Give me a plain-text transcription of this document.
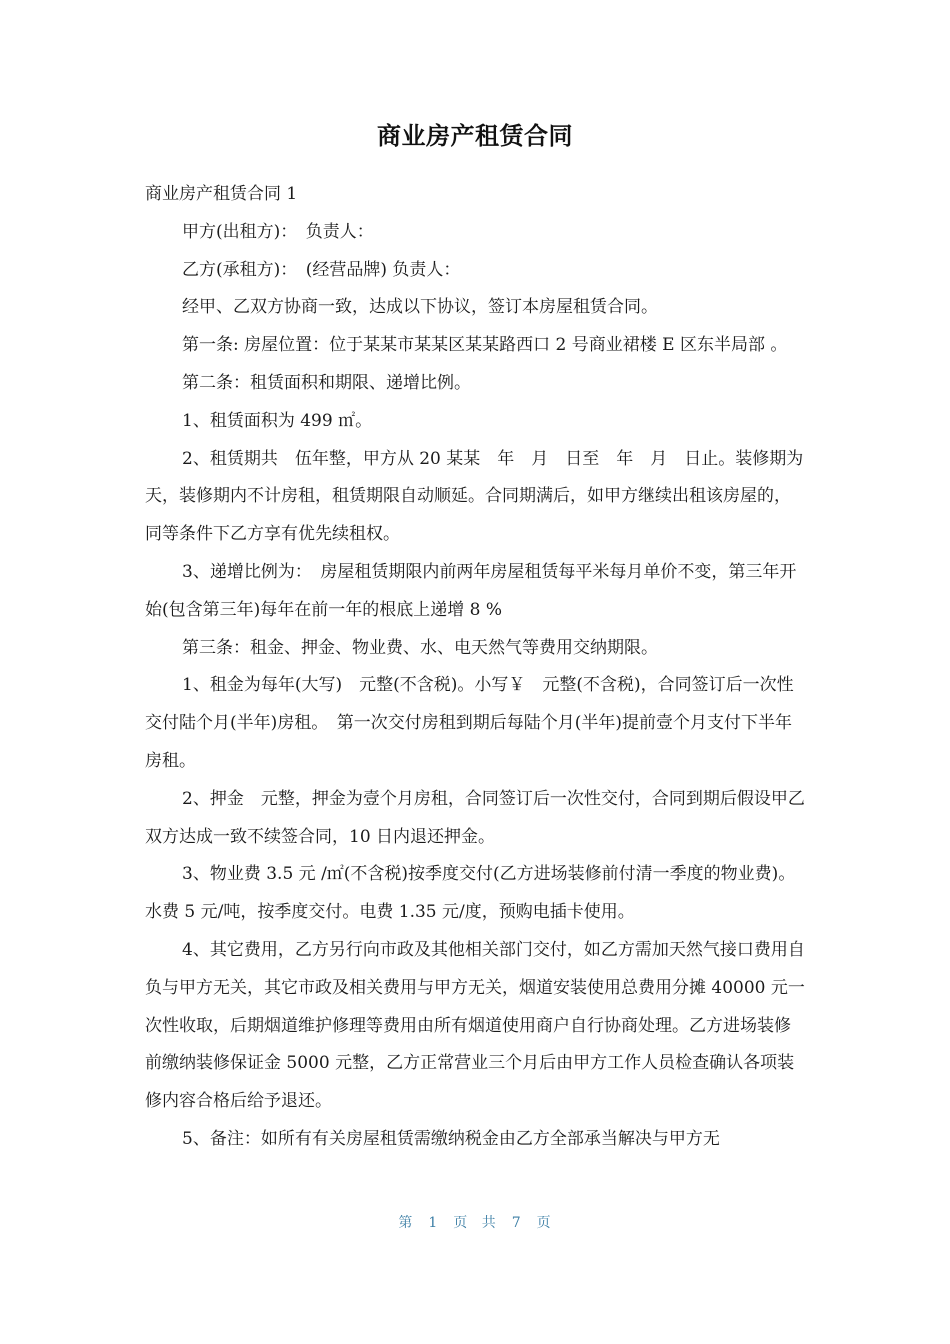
商业房产租赁合同

商业房产租赁合同 1

甲方(出租方)：　负责人：

乙方(承租方)：　(经营品牌) 负责人：

经甲、乙双方协商一致，达成以下协议，签订本房屋租赁合同。

第一条: 房屋位置：位于某某市某某区某某路西口 2 号商业裙楼 E 区东半局部 。

第二条：租赁面积和期限、递增比例。

1、租赁面积为 499 ㎡。

2、租赁期共　伍年整，甲方从 20 某某　年　月　日至　年　月　日止。装修期为　天，装修期内不计房租，租赁期限自动顺延。合同期满后，如甲方继续出租该房屋的，同等条件下乙方享有优先续租权。

3、递增比例为：　房屋租赁期限内前两年房屋租赁每平米每月单价不变，第三年开始(包含第三年)每年在前一年的根底上递增 8 %

第三条：租金、押金、物业费、水、电天然气等费用交纳期限。

1、租金为每年(大写)　元整(不含税)。小写￥　元整(不含税)，合同签订后一次性交付陆个月(半年)房租。　第一次交付房租到期后每陆个月(半年)提前壹个月支付下半年房租。

2、押金　元整，押金为壹个月房租，合同签订后一次性交付，合同到期后假设甲乙双方达成一致不续签合同，10 日内退还押金。

3、物业费 3.5 元 /㎡(不含税)按季度交付(乙方进场装修前付清一季度的物业费)。　水费 5 元/吨，按季度交付。电费 1.35 元/度，预购电插卡使用。

4、其它费用，乙方另行向市政及其他相关部门交付，如乙方需加天然气接口费用自负与甲方无关，其它市政及相关费用与甲方无关，烟道安装使用总费用分摊 40000 元一次性收取，后期烟道维护修理等费用由所有烟道使用商户自行协商处理。乙方进场装修前缴纳装修保证金 5000 元整，乙方正常营业三个月后由甲方工作人员检查确认各项装修内容合格后给予退还。

5、备注：如所有有关房屋租赁需缴纳税金由乙方全部承当解决与甲方无

第　1　页 共　7　页
